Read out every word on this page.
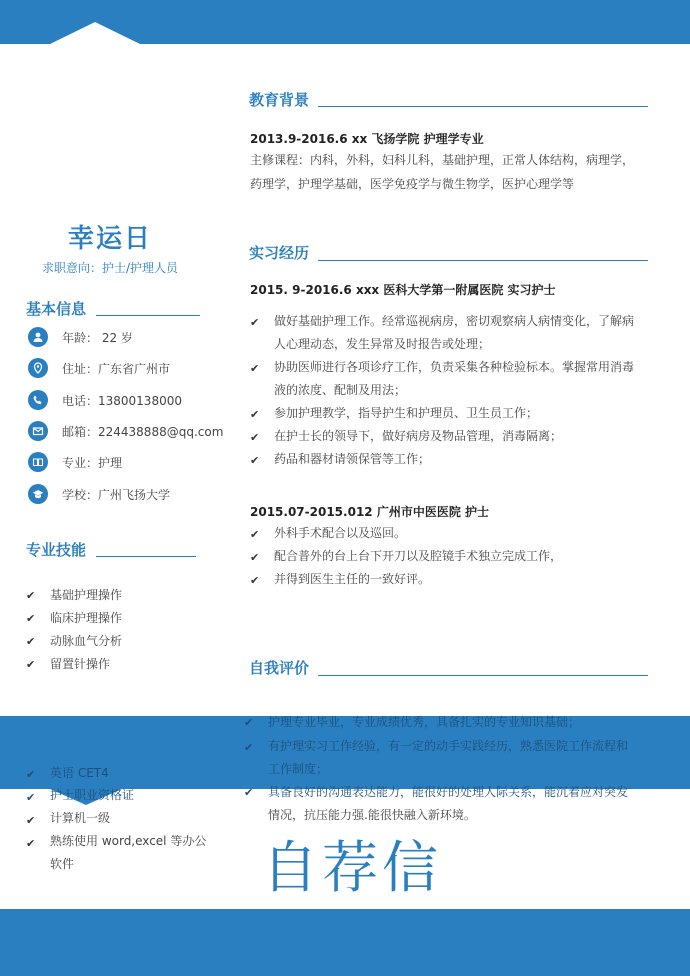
幸运日
求职意向：护士/护理人员
基本信息
年龄： 22 岁
住址：广东省广州市
电话：13800138000
邮箱：224438888@qq.com
专业：护理
学校：广州飞扬大学
专业技能
✔ 基础护理操作
✔ 临床护理操作
✔ 动脉血气分析
✔ 留置针操作
教育背景
2013.9-2016.6 xx 飞扬学院 护理学专业
主修课程：内科，外科，妇科儿科，基础护理，正常人体结构，病理学，
药理学，护理学基础，医学免疫学与微生物学，医护心理学等
实习经历
2015. 9-2016.6 xxx 医科大学第一附属医院 实习护士
✔ 做好基础护理工作。经常巡视病房，密切观察病人病情变化，了解病
人心理动态，发生异常及时报告或处理；
✔ 协助医师进行各项诊疗工作，负责采集各种检验标本。掌握常用消毒
液的浓度、配制及用法；
✔ 参加护理教学，指导护生和护理员、卫生员工作；
✔ 在护士长的领导下，做好病房及物品管理，消毒隔离；
✔ 药品和器材请领保管等工作；
2015.07-2015.012 广州市中医医院 护士
✔ 外科手术配合以及巡回。
✔ 配合普外的台上台下开刀以及腔镜手术独立完成工作，
✔ 并得到医生主任的一致好评。
自我评价
✔ 护理专业毕业，专业成绩优秀，具备扎实的专业知识基础；
✔ 有护理实习工作经验，有一定的动手实践经历，熟悉医院工作流程和
工作制度；
✔ 具备良好的沟通表达能力，能很好的处理人际关系，能沉着应对突发
情况，抗压能力强.能很快融入新环境。
✔ 英语 CET4
✔ 护士职业资格证
✔ 计算机一级
✔ 熟练使用 word,excel 等办公
软件	自荐信
